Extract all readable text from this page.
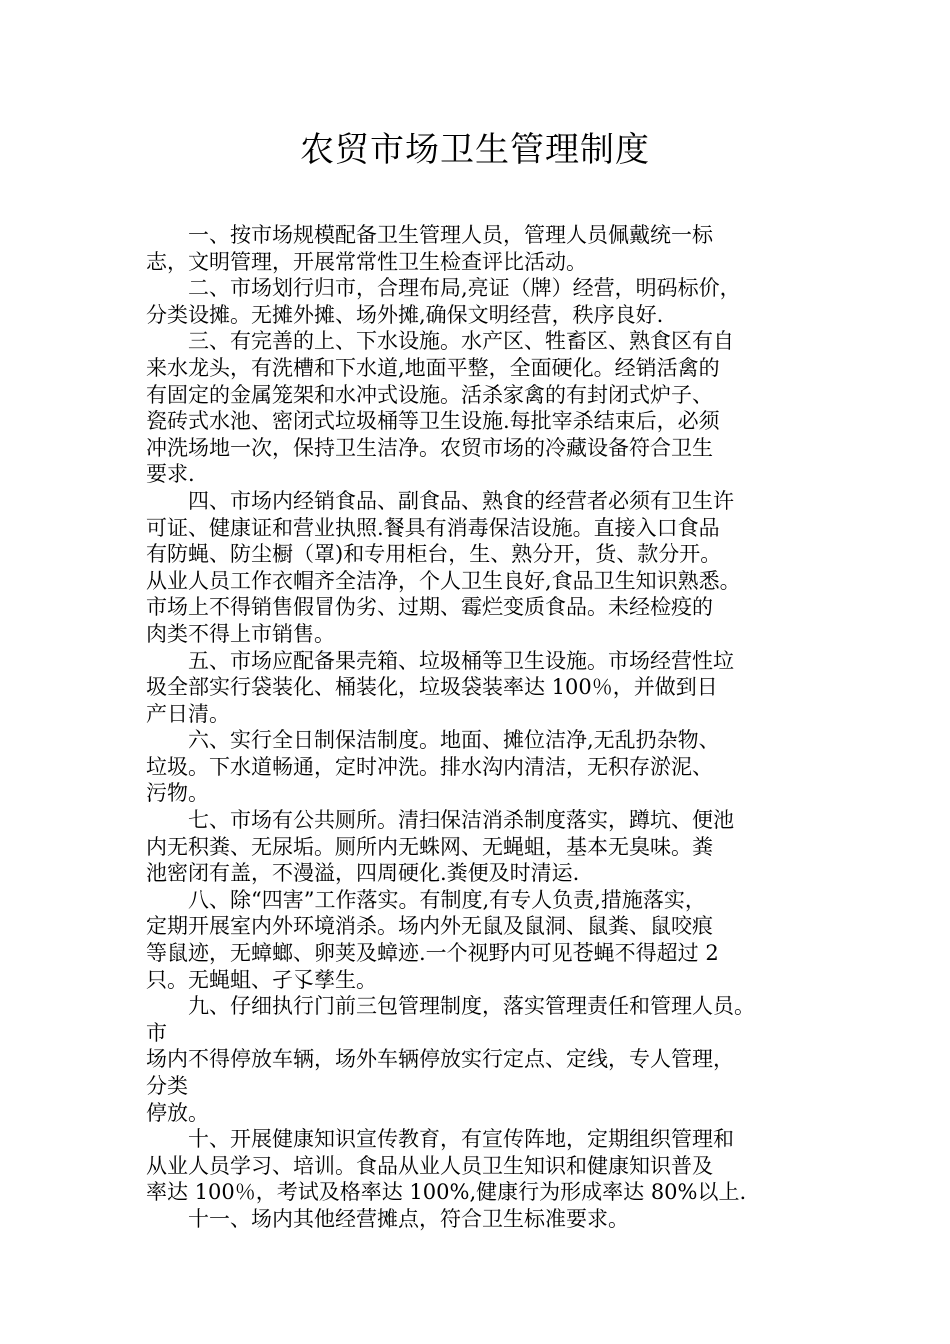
农贸市场卫生管理制度
　　一、按市场规模配备卫生管理人员，管理人员佩戴统一标
志，文明管理，开展常常性卫生检查评比活动。
　　二、市场划行归市，合理布局,亮证（牌）经营，明码标价，
分类设摊。无摊外摊、场外摊,确保文明经营，秩序良好.
　　三、有完善的上、下水设施。水产区、牲畜区、熟食区有自
来水龙头，有洗槽和下水道,地面平整，全面硬化。经销活禽的
有固定的金属笼架和水冲式设施。活杀家禽的有封闭式炉子、
瓷砖式水池、密闭式垃圾桶等卫生设施.每批宰杀结束后，必须
冲洗场地一次，保持卫生洁净。农贸市场的冷藏设备符合卫生
要求.
　　四、市场内经销食品、副食品、熟食的经营者必须有卫生许
可证、健康证和营业执照.餐具有消毒保洁设施。直接入口食品
有防蝇、防尘橱（罩)和专用柜台，生、熟分开，货、款分开。
从业人员工作衣帽齐全洁净，个人卫生良好,食品卫生知识熟悉。
市场上不得销售假冒伪劣、过期、霉烂变质食品。未经检疫的
肉类不得上市销售。
　　五、市场应配备果壳箱、垃圾桶等卫生设施。市场经营性垃
圾全部实行袋装化、桶装化，垃圾袋装率达 100％，并做到日
产日清。
　　六、实行全日制保洁制度。地面、摊位洁净,无乱扔杂物、
垃圾。下水道畅通，定时冲洗。排水沟内清洁，无积存淤泥、
污物。
　　七、市场有公共厕所。清扫保洁消杀制度落实，蹲坑、便池
内无积粪、无尿垢。厕所内无蛛网、无蝇蛆，基本无臭味。粪
池密闭有盖，不漫溢，四周硬化.粪便及时清运.
　　八、除“四害”工作落实。有制度,有专人负责,措施落实，
定期开展室内外环境消杀。场内外无鼠及鼠洞、鼠粪、鼠咬痕
等鼠迹，无蟑螂、卵荚及蟑迹.一个视野内可见苍蝇不得超过 2
只。无蝇蛆、孑孓孳生。
　　九、仔细执行门前三包管理制度，落实管理责任和管理人员。
市
场内不得停放车辆，场外车辆停放实行定点、定线，专人管理，
分类
停放。
　　十、开展健康知识宣传教育，有宣传阵地，定期组织管理和
从业人员学习、培训。食品从业人员卫生知识和健康知识普及
率达 100％，考试及格率达 100%,健康行为形成率达 80%以上.
　　十一、场内其他经营摊点，符合卫生标准要求。
